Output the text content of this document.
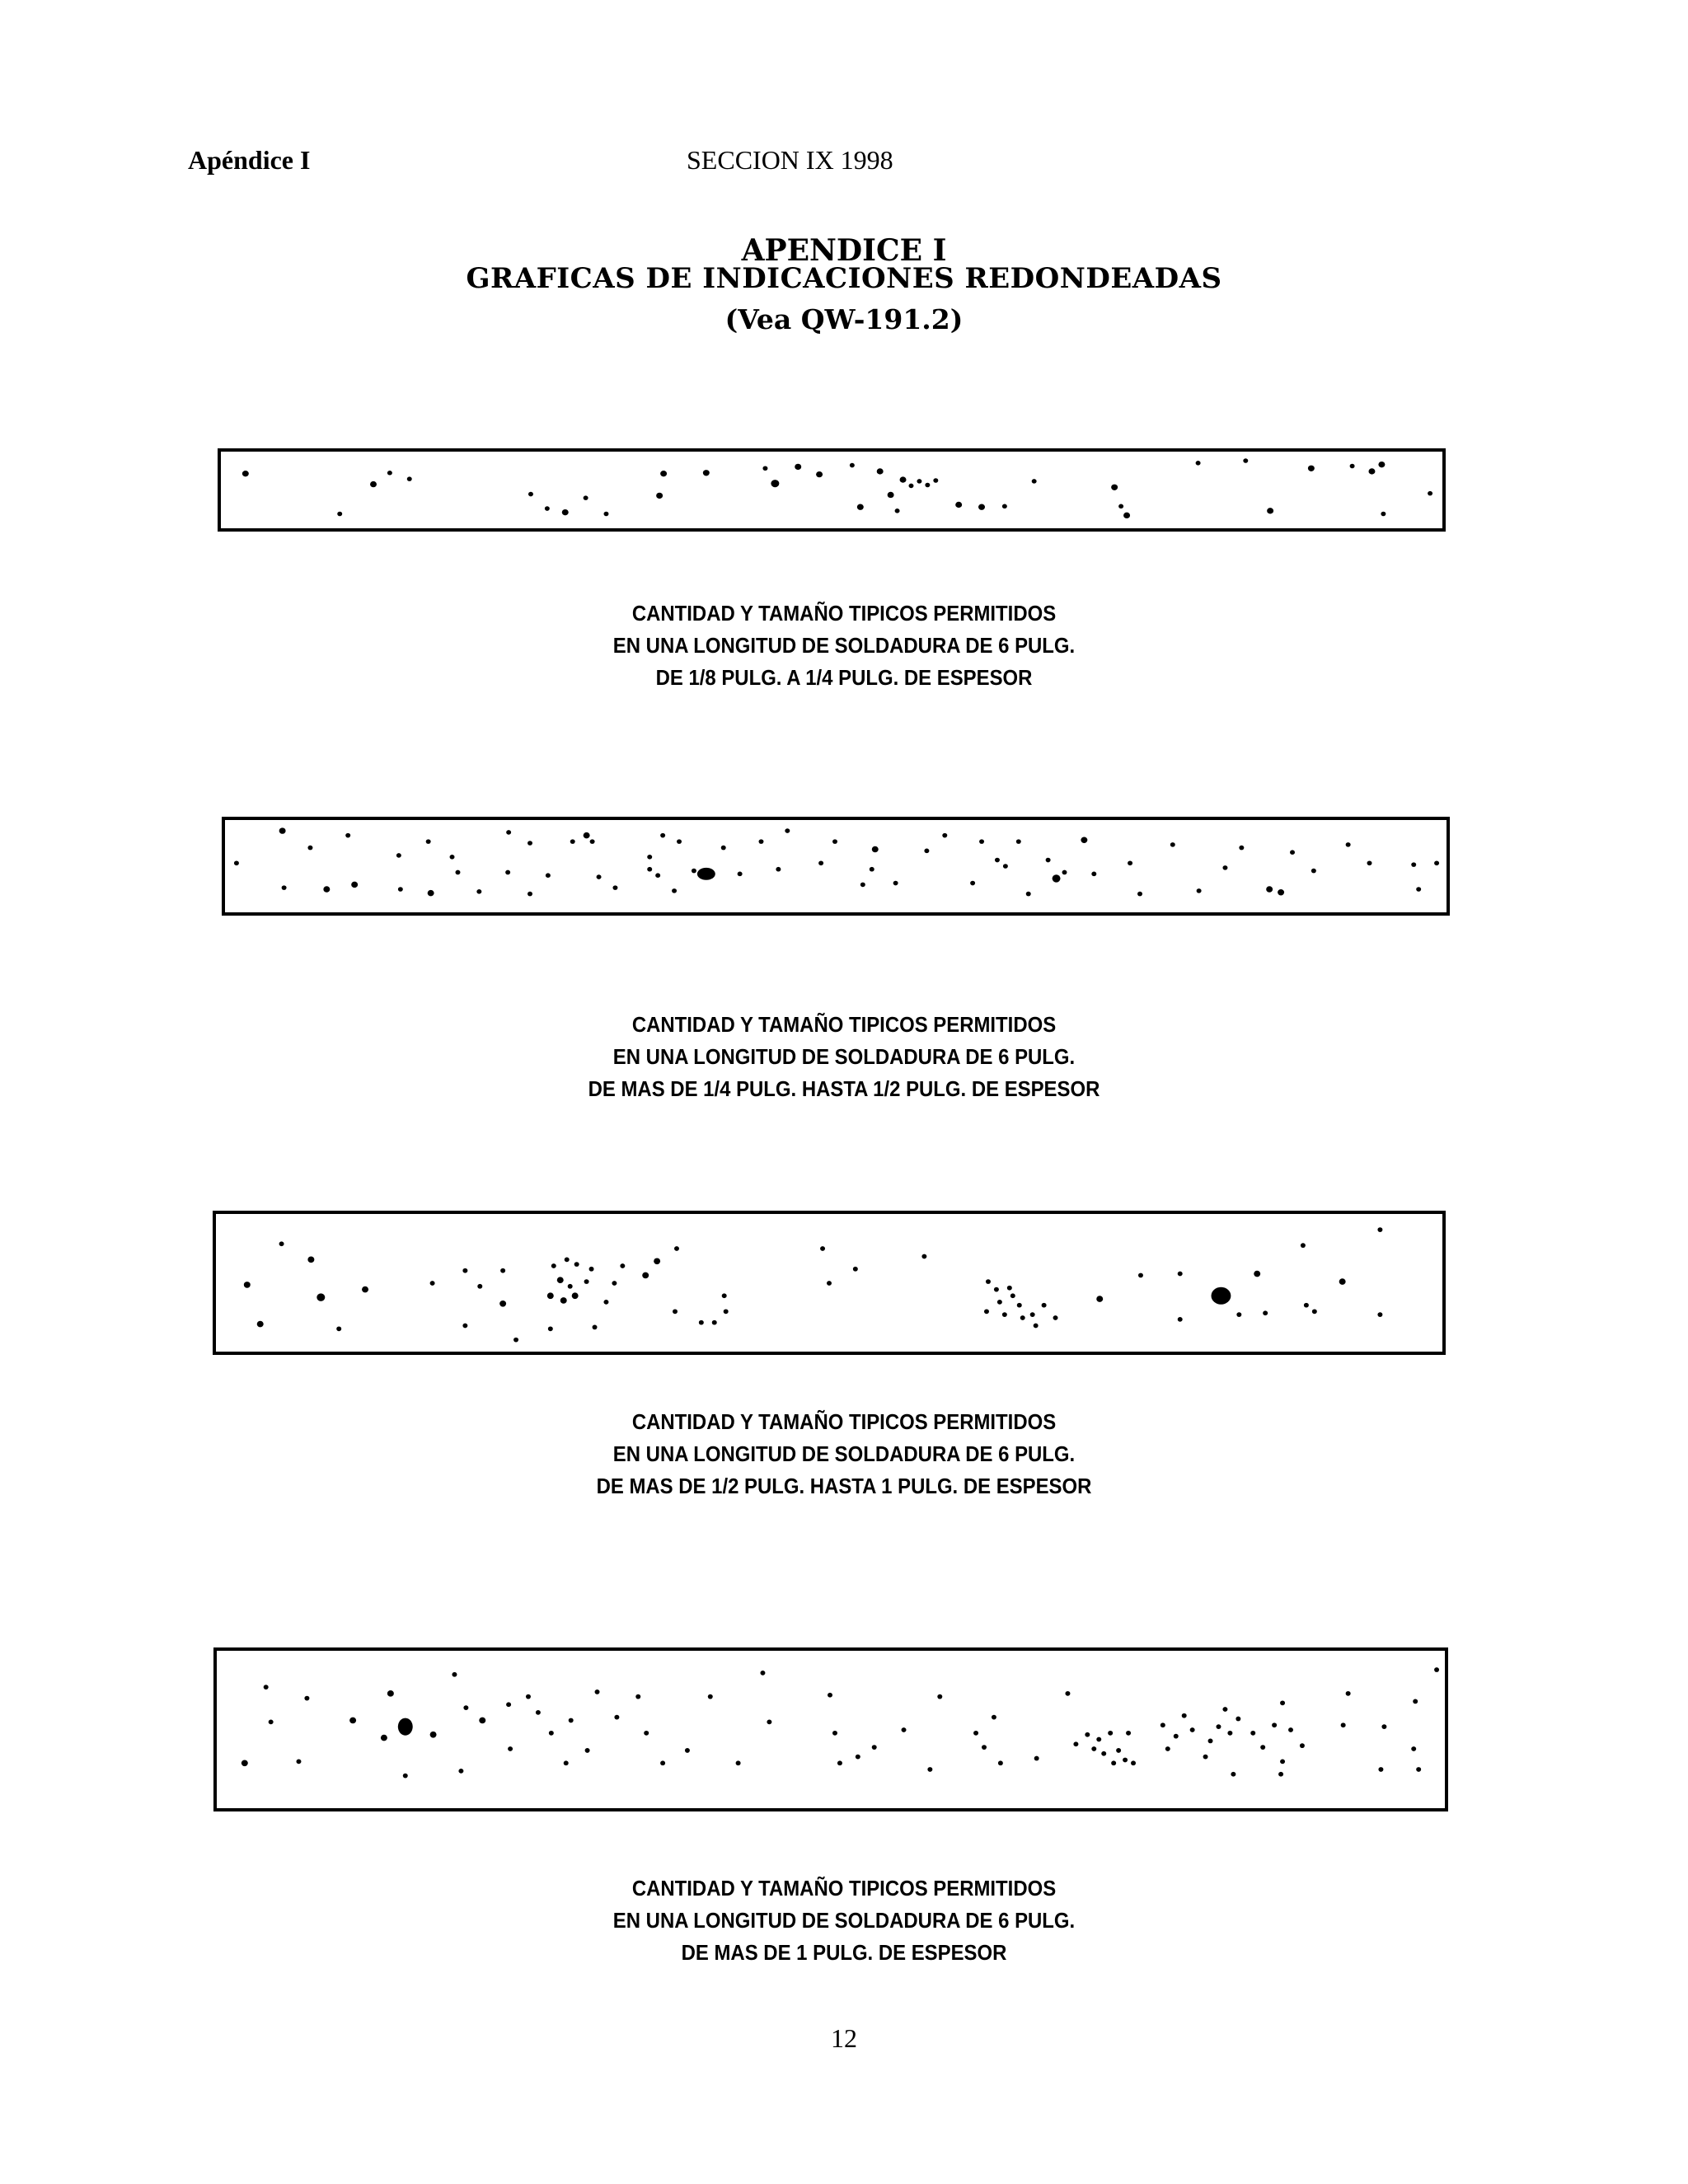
Apéndice I	SECCION IX 1998
APENDICE I
GRAFICAS DE INDICACIONES REDONDEADAS
(Vea QW-191.2)
CANTIDAD Y TAMAÑO TIPICOS PERMITIDOS
EN UNA LONGITUD DE SOLDADURA DE 6 PULG.
DE 1/8 PULG. A 1/4 PULG. DE ESPESOR
CANTIDAD Y TAMAÑO TIPICOS PERMITIDOS
EN UNA LONGITUD DE SOLDADURA DE 6 PULG.
DE MAS DE 1/4 PULG. HASTA 1/2 PULG. DE ESPESOR
CANTIDAD Y TAMAÑO TIPICOS PERMITIDOS
EN UNA LONGITUD DE SOLDADURA DE 6 PULG.
DE MAS DE 1/2 PULG. HASTA 1 PULG. DE ESPESOR
CANTIDAD Y TAMAÑO TIPICOS PERMITIDOS
EN UNA LONGITUD DE SOLDADURA DE 6 PULG.
DE MAS DE 1 PULG. DE ESPESOR
12
